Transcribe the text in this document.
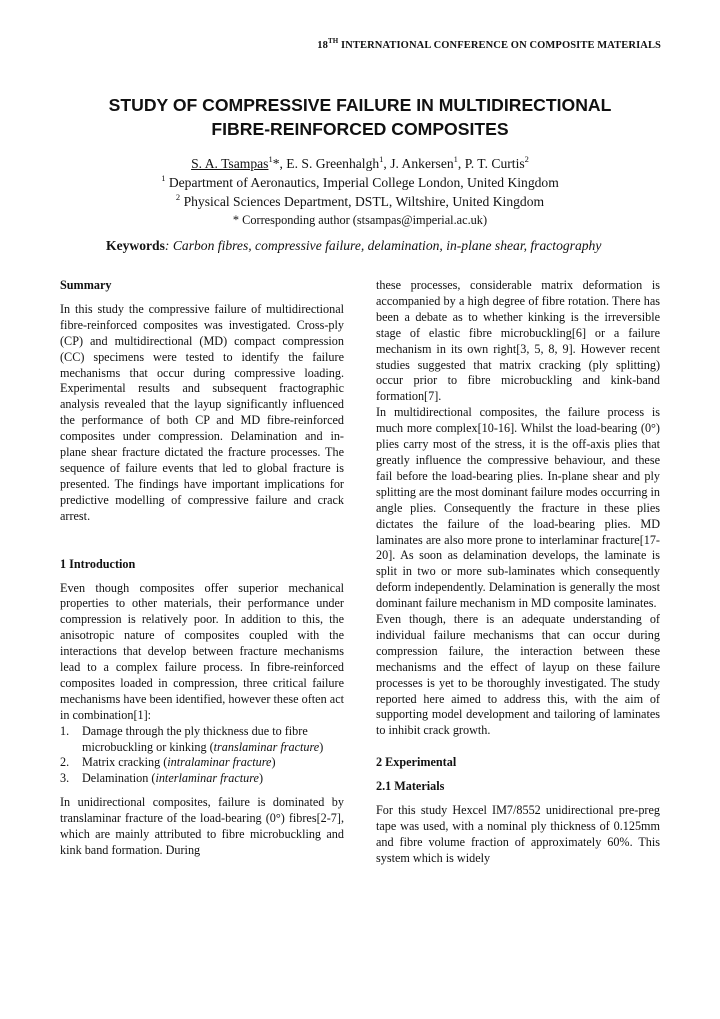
18TH INTERNATIONAL CONFERENCE ON COMPOSITE MATERIALS
STUDY OF COMPRESSIVE FAILURE IN MULTIDIRECTIONAL
FIBRE-REINFORCED COMPOSITES
S. A. Tsampas$^1$*, E. S. Greenhalgh$^1$, J. Ankersen$^1$, P. T. Curtis$^2$
$^1$ Department of Aeronautics, Imperial College London, United Kingdom
$^2$ Physical Sciences Department, DSTL, Wiltshire, United Kingdom
* Corresponding author (stsampas@imperial.ac.uk)
Keywords: Carbon fibres, compressive failure, delamination, in-plane shear, fractography

Summary

In this study the compressive failure of multidirectional fibre-reinforced composites was investigated. Cross-ply (CP) and multidirectional (MD) compact compression (CC) specimens were tested to identify the failure mechanisms that occur during compressive loading. Experimental results and subsequent fractographic analysis revealed that the layup significantly influenced the performance of both CP and MD fibre-reinforced composites under compression. Delamination and in-plane shear fracture dictated the fracture processes. The sequence of failure events that led to global fracture is presented. The findings have important implications for predictive modelling of compressive failure and crack arrest.

1 Introduction

Even though composites offer superior mechanical properties to other materials, their performance under compression is relatively poor. In addition to this, the anisotropic nature of composites coupled with the interactions that develop between fracture mechanisms lead to a complex failure process. In fibre-reinforced composites loaded in compression, three critical failure mechanisms have been identified, however these often act in combination[1]:

1. Damage through the ply thickness due to fibre microbuckling or kinking (translaminar fracture)
2. Matrix cracking (intralaminar fracture)
3. Delamination (interlaminar fracture)

In unidirectional composites, failure is dominated by translaminar fracture of the load-bearing (0°) fibres[2-7], which are mainly attributed to fibre microbuckling and kink band formation. During

these processes, considerable matrix deformation is accompanied by a high degree of fibre rotation. There has been a debate as to whether kinking is the irreversible stage of elastic fibre microbuckling[6] or a failure mechanism in its own right[3, 5, 8, 9]. However recent studies suggested that matrix cracking (ply splitting) occur prior to fibre microbuckling and kink-band formation[7].

In multidirectional composites, the failure process is much more complex[10-16]. Whilst the load-bearing (0°) plies carry most of the stress, it is the off-axis plies that greatly influence the compressive behaviour, and these fail before the load-bearing plies. In-plane shear and ply splitting are the most dominant failure modes occurring in angle plies. Consequently the fracture in these plies dictates the failure of the load-bearing plies. MD laminates are also more prone to interlaminar fracture[17-20]. As soon as delamination develops, the laminate is split in two or more sub-laminates which consequently deform independently. Delamination is generally the most dominant failure mechanism in MD composite laminates.

Even though, there is an adequate understanding of individual failure mechanisms that can occur during compression failure, the interaction between these mechanisms and the effect of layup on these failure processes is yet to be thoroughly investigated. The study reported here aimed to address this, with the aim of supporting model development and tailoring of laminates to inhibit crack growth.

2 Experimental

2.1 Materials

For this study Hexcel IM7/8552 unidirectional pre-preg tape was used, with a nominal ply thickness of 0.125mm and fibre volume fraction of approximately 60%. This system which is widely
